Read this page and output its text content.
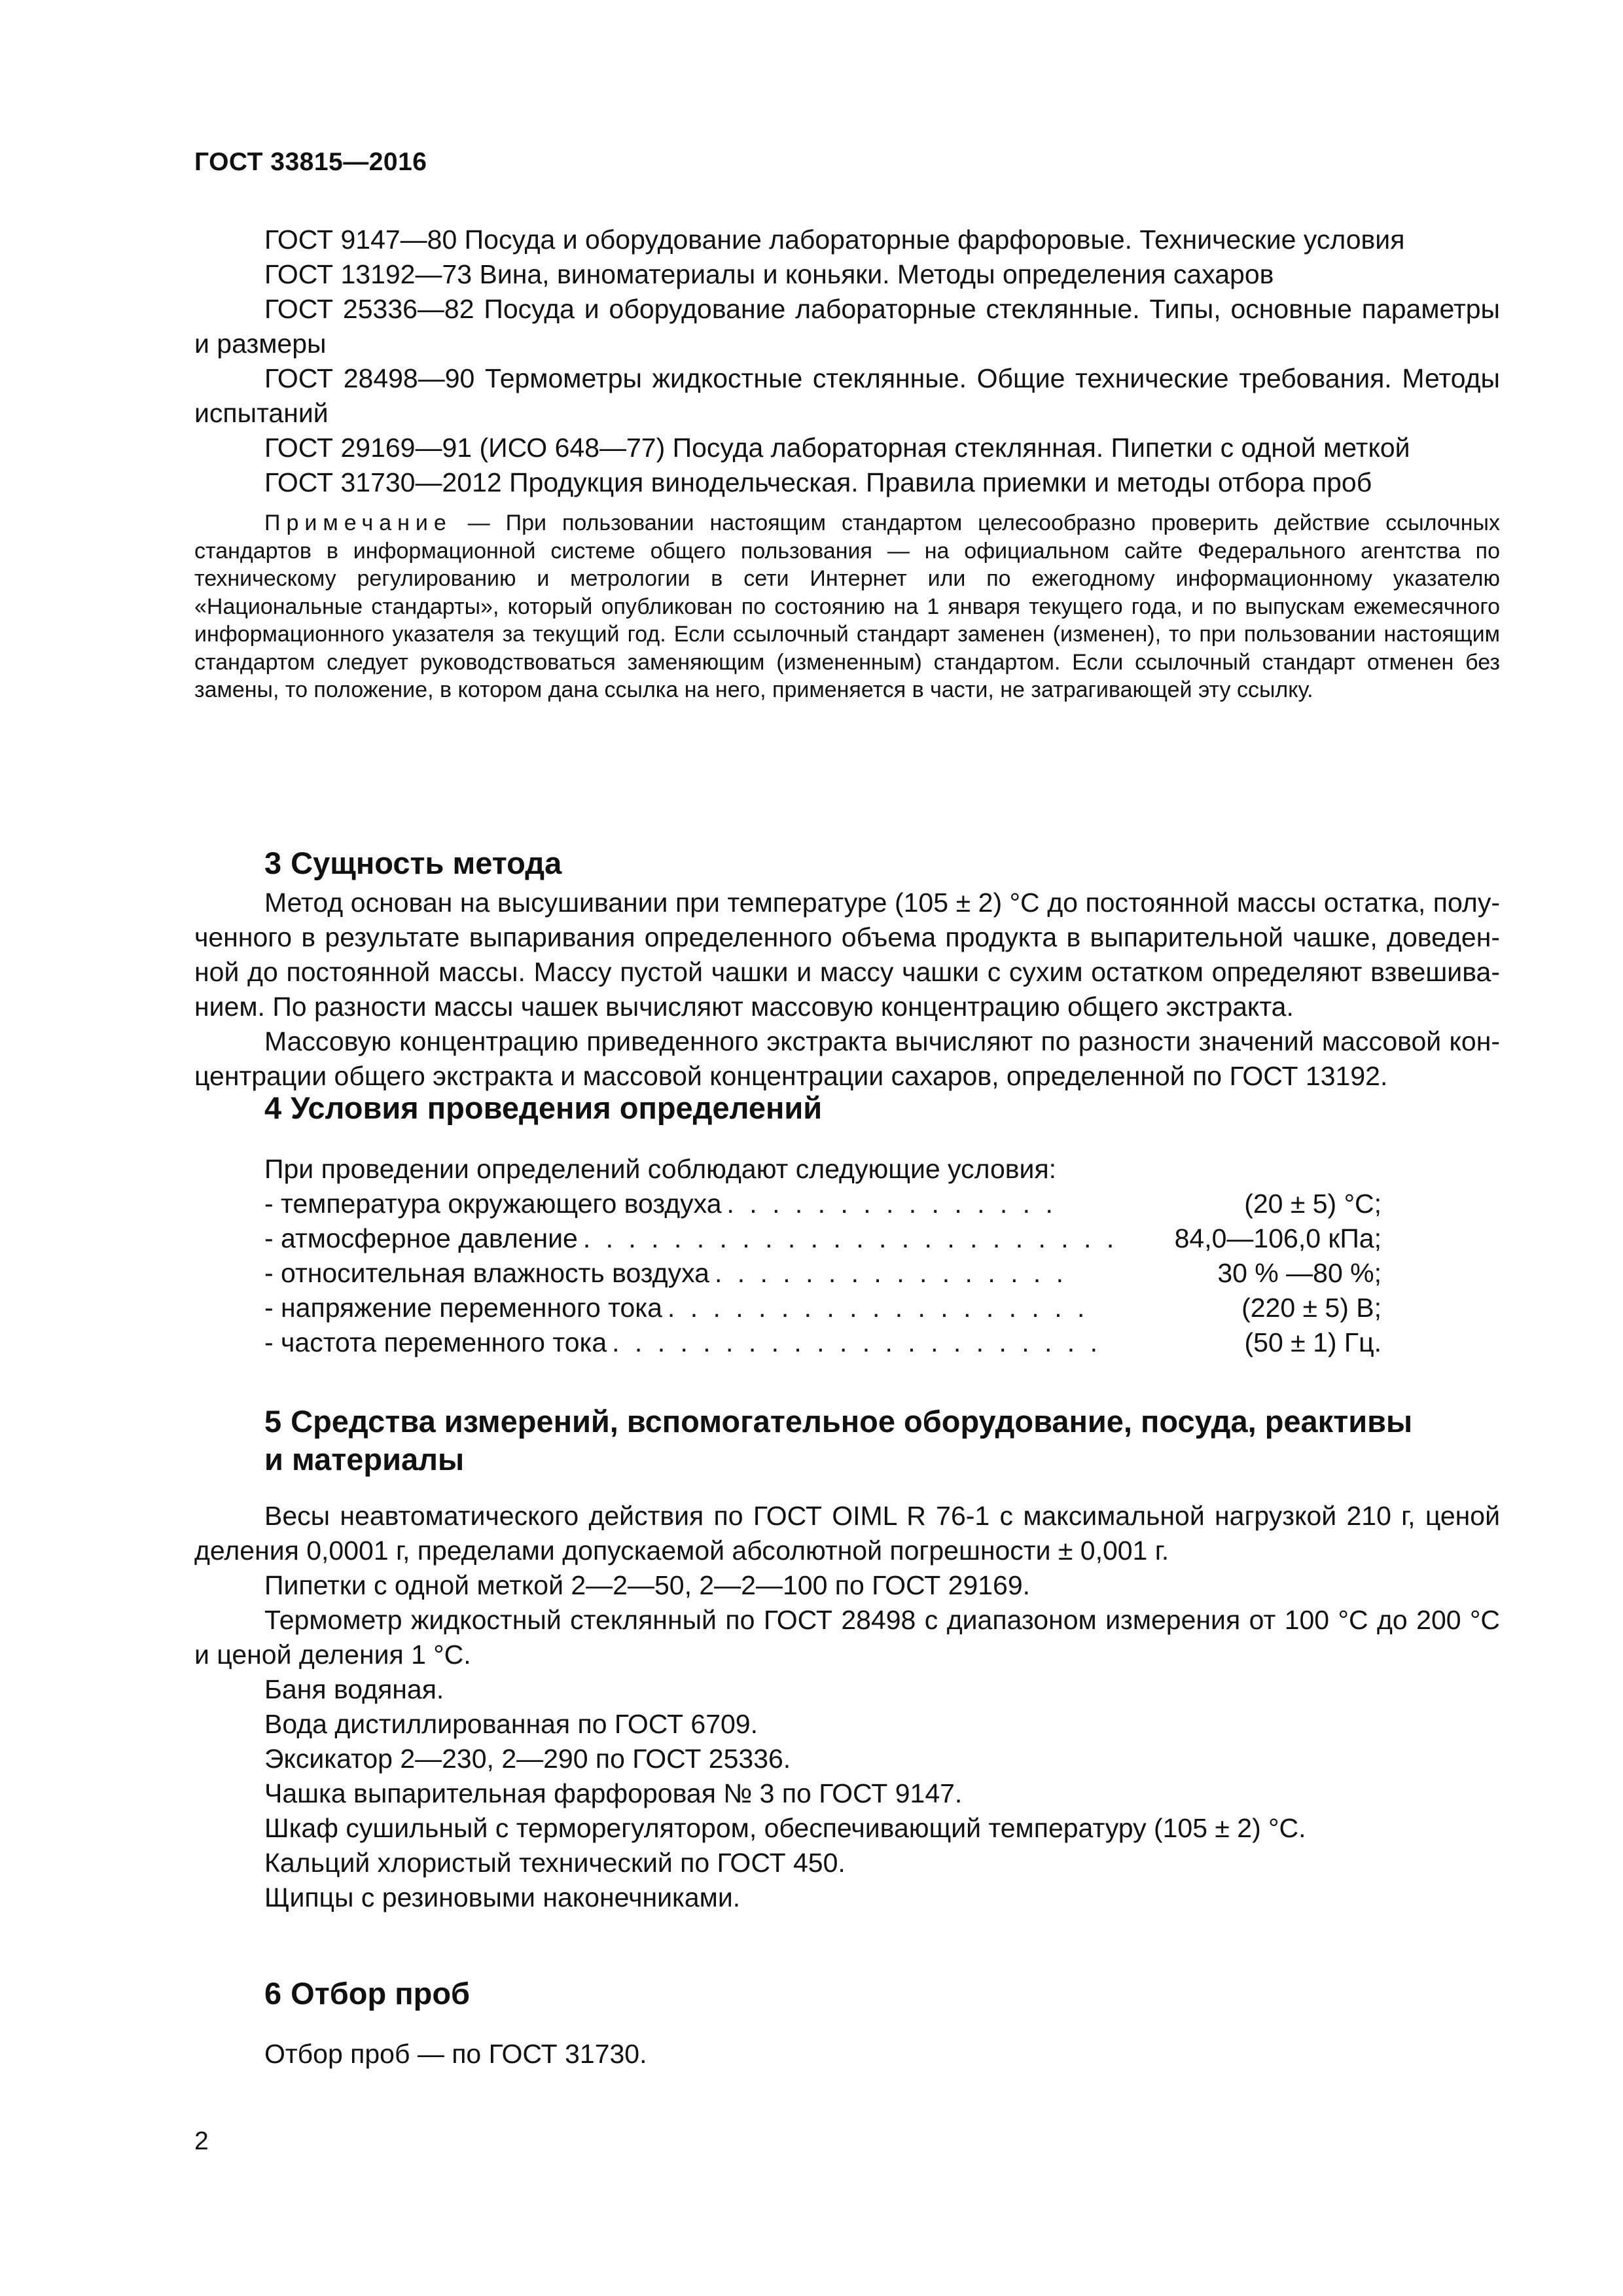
ГОСТ 33815—2016

ГОСТ 9147—80 Посуда и оборудование лабораторные фарфоровые. Технические условия

ГОСТ 13192—73 Вина, виноматериалы и коньяки. Методы определения сахаров

ГОСТ 25336—82 Посуда и оборудование лабораторные стеклянные. Типы, основные параметры

и размеры

ГОСТ 28498—90 Термометры жидкостные стеклянные. Общие технические требования. Методы

испытаний

ГОСТ 29169—91 (ИСО 648—77) Посуда лабораторная стеклянная. Пипетки с одной меткой

ГОСТ 31730—2012 Продукция винодельческая. Правила приемки и методы отбора проб

Примечание — При пользовании настоящим стандартом целесообразно проверить действие ссылочных стандартов в информационной системе общего пользования — на официальном сайте Федерального агентства по техническому регулированию и метрологии в сети Интернет или по ежегодному информационному указателю «Национальные стандарты», который опубликован по состоянию на 1 января текущего года, и по выпускам ежемесячного информационного указателя за текущий год. Если ссылочный стандарт заменен (изменен), то при пользовании настоящим стандартом следует руководствоваться заменяющим (измененным) стандартом. Если ссылочный стандарт отменен без замены, то положение, в котором дана ссылка на него, применяется в части, не затрагивающей эту ссылку.

3 Сущность метода

Метод основан на высушивании при температуре (105 ± 2) °С до постоянной массы остатка, полу-

ченного в результате выпаривания определенного объема продукта в выпарительной чашке, доведен-

ной до постоянной массы. Массу пустой чашки и массу чашки с сухим остатком определяют взвешива-

нием. По разности массы чашек вычисляют массовую концентрацию общего экстракта.

Массовую концентрацию приведенного экстракта вычисляют по разности значений массовой кон-

центрации общего экстракта и массовой концентрации сахаров, определенной по ГОСТ 13192.

4 Условия проведения определений

При проведении определений соблюдают следующие условия:

- температура окружающего воздуха . . . . . . . . . . . . . . .	(20 ± 5) °С;
- атмосферное давление . . . . . . . . . . . . . . . . . . . . . . . .	84,0—106,0 кПа;
- относительная влажность воздуха . . . . . . . . . . . . . . . .	30 % —80 %;
- напряжение переменного тока . . . . . . . . . . . . . . . . . . .	(220 ± 5) В;
- частота переменного тока . . . . . . . . . . . . . . . . . . . . . .	(50 ± 1) Гц.
5 Средства измерений, вспомогательное оборудование, посуда, реактивы
и материалы

Весы неавтоматического действия по ГОСТ OIML R 76-1 с максимальной нагрузкой 210 г, ценой

деления 0,0001 г, пределами допускаемой абсолютной погрешности ± 0,001 г.

Пипетки с одной меткой 2—2—50, 2—2—100 по ГОСТ 29169.

Термометр жидкостный стеклянный по ГОСТ 28498 с диапазоном измерения от 100 °С до 200 °С

и ценой деления 1 °С.

Баня водяная.

Вода дистиллированная по ГОСТ 6709.

Эксикатор 2—230, 2—290 по ГОСТ 25336.

Чашка выпарительная фарфоровая № 3 по ГОСТ 9147.

Шкаф сушильный с терморегулятором, обеспечивающий температуру (105 ± 2) °С.

Кальций хлористый технический по ГОСТ 450.

Щипцы с резиновыми наконечниками.

6 Отбор проб

Отбор проб — по ГОСТ 31730.

2
